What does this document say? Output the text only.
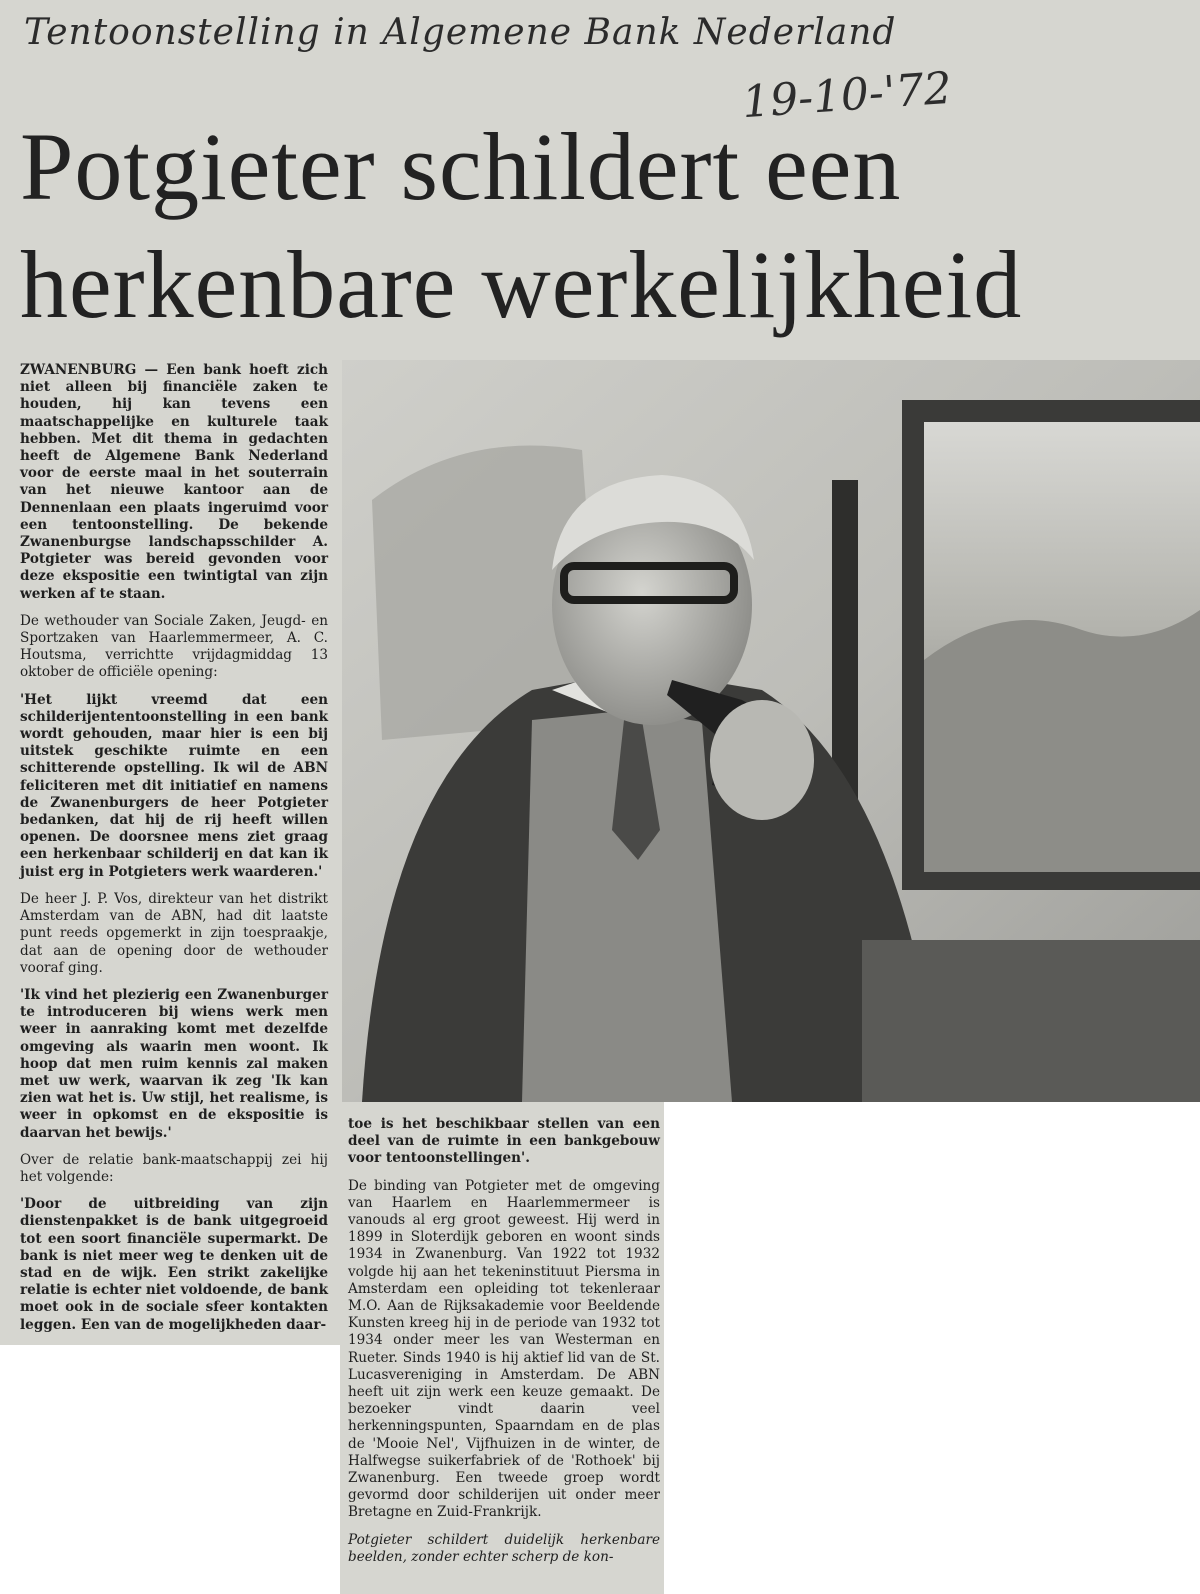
Tentoonstelling in Algemene Bank Nederland
19-10-'72
Potgieter schildert een herkenbare werkelijkheid

ZWANENBURG — Een bank hoeft zich niet alleen bij financiële zaken te houden, hij kan tevens een maatschappelijke en kulturele taak hebben. Met dit thema in gedachten heeft de Algemene Bank Nederland voor de eerste maal in het souterrain van het nieuwe kantoor aan de Dennenlaan een plaats ingeruimd voor een tentoonstelling. De bekende Zwanenburgse landschapsschilder A. Potgieter was bereid gevonden voor deze ekspositie een twintigtal van zijn werken af te staan.

De wethouder van Sociale Zaken, Jeugd- en Sportzaken van Haarlemmermeer, A. C. Houtsma, verrichtte vrijdagmiddag 13 oktober de officiële opening:

'Het lijkt vreemd dat een schilderijententoonstelling in een bank wordt gehouden, maar hier is een bij uitstek geschikte ruimte en een schitterende opstelling. Ik wil de ABN feliciteren met dit initiatief en namens de Zwanenburgers de heer Potgieter bedanken, dat hij de rij heeft willen openen. De doorsnee mens ziet graag een herkenbaar schilderij en dat kan ik juist erg in Potgieters werk waarderen.'

De heer J. P. Vos, direkteur van het distrikt Amsterdam van de ABN, had dit laatste punt reeds opgemerkt in zijn toespraakje, dat aan de opening door de wethouder vooraf ging.

'Ik vind het plezierig een Zwanenburger te introduceren bij wiens werk men weer in aanraking komt met dezelfde omgeving als waarin men woont. Ik hoop dat men ruim kennis zal maken met uw werk, waarvan ik zeg 'Ik kan zien wat het is. Uw stijl, het realisme, is weer in opkomst en de ekspositie is daarvan het bewijs.'

Over de relatie bank-maatschappij zei hij het volgende:

'Door de uitbreiding van zijn dienstenpakket is de bank uitgegroeid tot een soort financiële supermarkt. De bank is niet meer weg te denken uit de stad en de wijk. Een strikt zakelijke relatie is echter niet voldoende, de bank moet ook in de sociale sfeer kontakten leggen. Een van de mogelijkheden daar-

toe is het beschikbaar stellen van een deel van de ruimte in een bankgebouw voor tentoonstellingen'.

De binding van Potgieter met de omgeving van Haarlem en Haarlemmermeer is vanouds al erg groot geweest. Hij werd in 1899 in Sloterdijk geboren en woont sinds 1934 in Zwanenburg. Van 1922 tot 1932 volgde hij aan het tekeninstituut Piersma in Amsterdam een opleiding tot tekenleraar M.O. Aan de Rijksakademie voor Beeldende Kunsten kreeg hij in de periode van 1932 tot 1934 onder meer les van Westerman en Rueter. Sinds 1940 is hij aktief lid van de St. Lucasvereniging in Amsterdam. De ABN heeft uit zijn werk een keuze gemaakt. De bezoeker vindt daarin veel herkenningspunten, Spaarndam en de plas de 'Mooie Nel', Vijfhuizen in de winter, de Halfwegse suikerfabriek of de 'Rothoek' bij Zwanenburg. Een tweede groep wordt gevormd door schilderijen uit onder meer Bretagne en Zuid-Frankrijk.

Potgieter schildert duidelijk herkenbare beelden, zonder echter scherp de kon-
